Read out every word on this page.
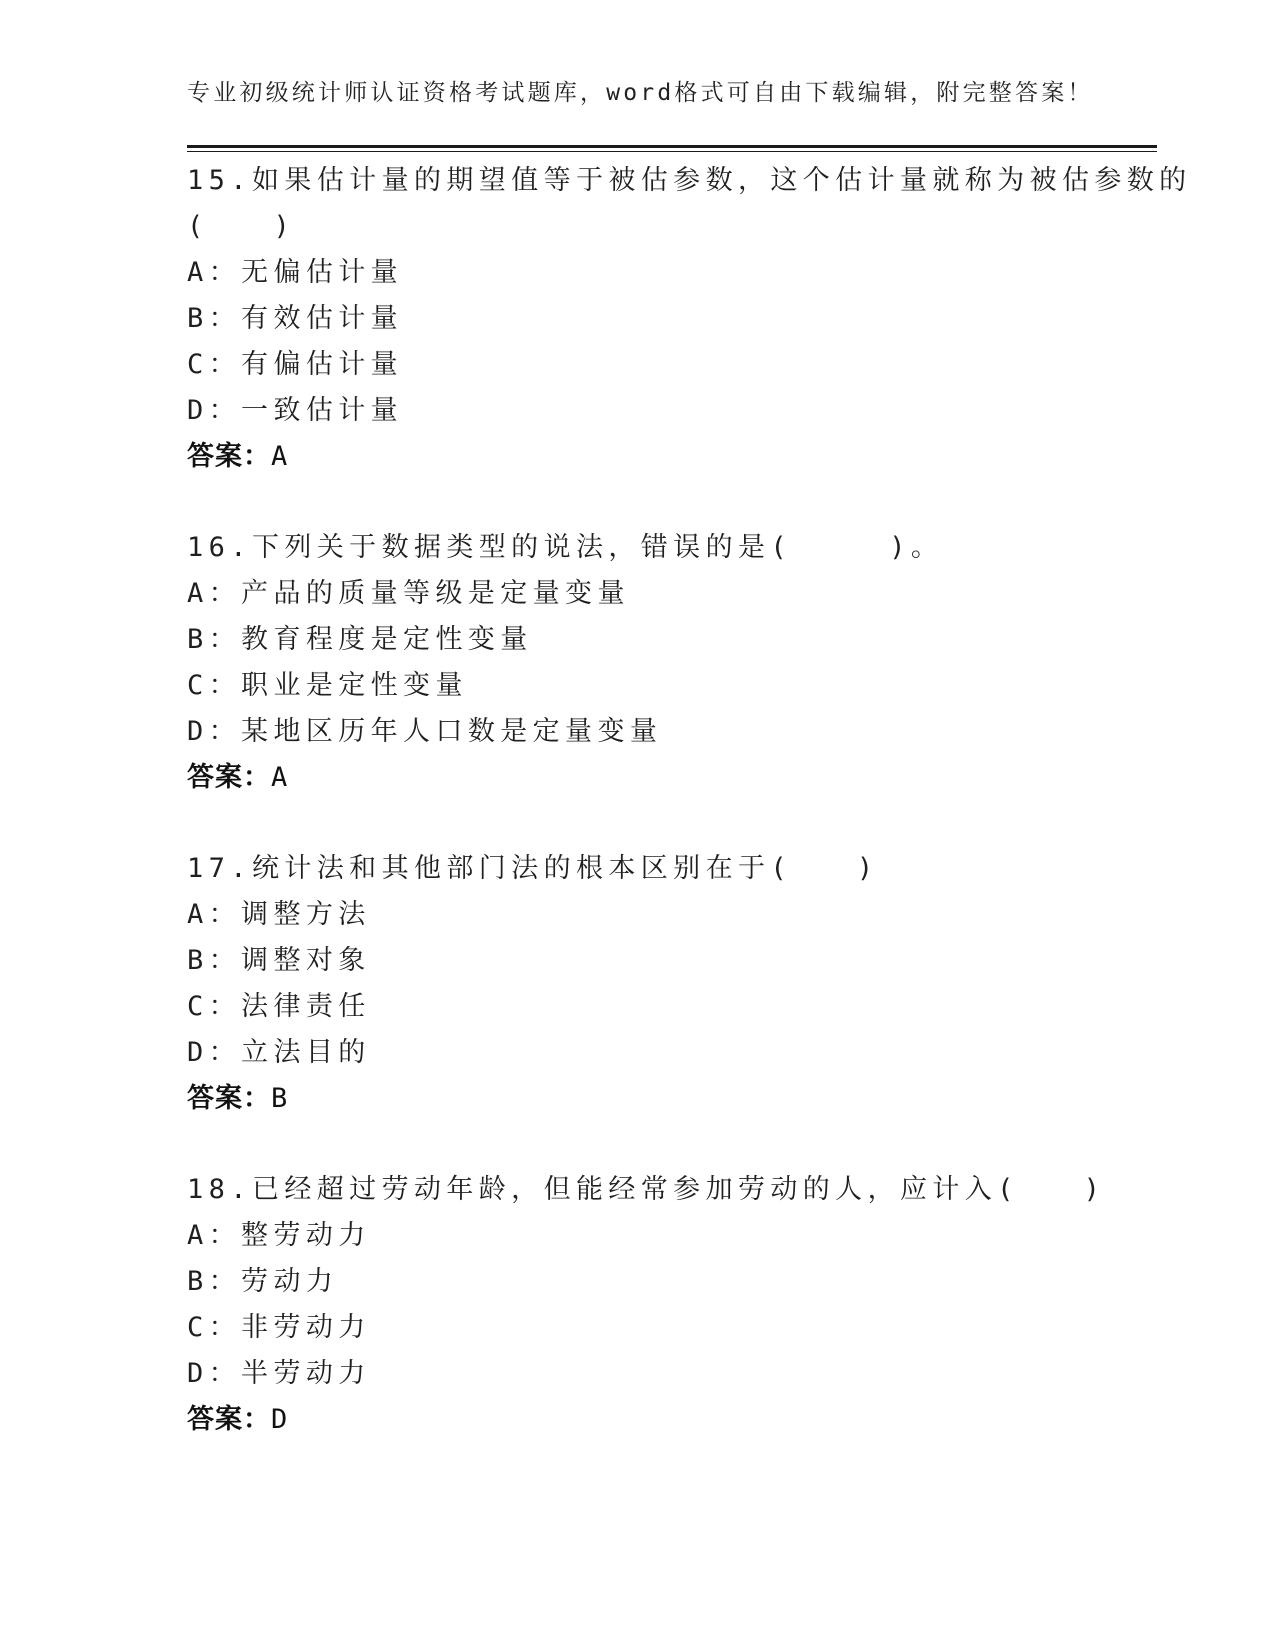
专业初级统计师认证资格考试题库，word格式可自由下载编辑，附完整答案！
15.如果估计量的期望值等于被估参数，这个估计量就称为被估参数的
(　　)
A：无偏估计量
B：有效估计量
C：有偏估计量
D：一致估计量
答案：A
16.下列关于数据类型的说法，错误的是(　　　)。
A：产品的质量等级是定量变量
B：教育程度是定性变量
C：职业是定性变量
D：某地区历年人口数是定量变量
答案：A
17.统计法和其他部门法的根本区别在于(　　)
A：调整方法
B：调整对象
C：法律责任
D：立法目的
答案：B
18.已经超过劳动年龄，但能经常参加劳动的人，应计入(　　)
A：整劳动力
B：劳动力
C：非劳动力
D：半劳动力
答案：D
